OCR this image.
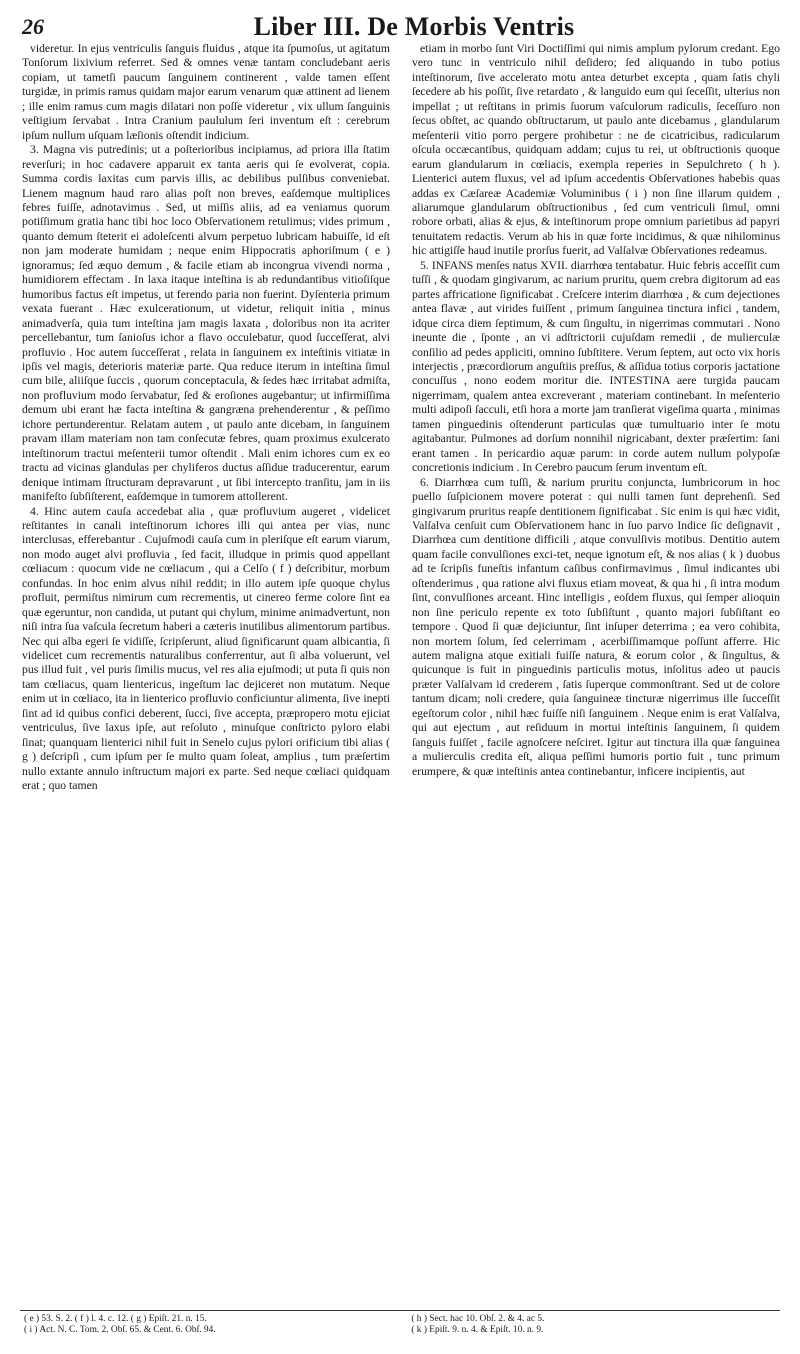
26	Liber III. De Morbis Ventris

videretur. In ejus ventriculis ſanguis fluidus , atque ita ſpumoſus, ut agitatum Tonſorum lixivium referret. Sed & omnes venæ tantam concludebant aeris copiam, ut tametſi paucum ſanguinem continerent , valde tamen eſſent turgidæ, in primis ramus quidam major earum venarum quæ attinent ad lienem ; ille enim ramus cum magis dilatari non poſſe videretur , vix ullum ſanguinis veſtigium ſervabat . Intra Cranium paululum ſeri inventum eſt : cerebrum ipſum nullum uſquam læſionis oſtendit indicium.

3. Magna vis putredinis; ut a poſterioribus incipiamus, ad priora illa ſtatim reverſuri; in hoc cadavere apparuit ex tanta aeris qui ſe evolverat, copia. Summa cordis laxitas cum parvis illis, ac debilibus pulſibus conveniebat. Lienem magnum haud raro alias poſt non breves, eaſdemque multiplices febres fuiſſe, adnotavimus . Sed, ut miſſis aliis, ad ea veniamus quorum potiſſimum gratia hanc tibi hoc loco Obſervationem retulimus; vides primum , quanto demum ſteterit ei adoleſcenti alvum perpetuo lubricam habuiſſe, id eſt non jam moderate humidam ; neque enim Hippocratis aphoriſmum ( e ) ignoramus; ſed æquo demum , & facile etiam ab incongrua vivendi norma , humidiorem effectam . In laxa itaque inteſtina is ab redundantibus vitioſiſque humoribus factus eſt impetus, ut ferendo paria non fuerint. Dyſenteria primum vexata fuerant . Hæc exulcerationum, ut videtur, reliquit initia , minus animadverſa, quia tum inteſtina jam magis laxata , doloribus non ita acriter percellebantur, tum ſanioſus ichor a flavo occulebatur, quod ſucceſſerat, alvi profluvio . Hoc autem ſucceſſerat , relata in ſanguinem ex inteſtinis vitiatæ in ipſis vel magis, deterioris materiæ parte. Qua reduce iterum in inteſtina ſimul cum bile, aliiſque ſuccis , quorum conceptacula, & ſedes hæc irritabat admiſta, non profluvium modo ſervabatur, ſed & eroſiones augebantur; ut infirmiſſima demum ubi erant hæ facta inteſtina & gangræna prehenderentur , & peſſimo ichore pertunderentur. Relatam autem , ut paulo ante dicebam, in ſanguinem pravam illam materiam non tam conſecutæ febres, quam proximus exulcerato inteſtinorum tractui meſenterii tumor oſtendit . Mali enim ichores cum ex eo tractu ad vicinas glandulas per chyliferos ductus aſſidue traducerentur, earum denique intimam ſtructuram depravarunt , ut ſibi intercepto tranſitu, jam in iis manifeſto ſubſiſterent, eaſdemque in tumorem attollerent.

4. Hinc autem cauſa accedebat alia , quæ profluvium augeret , videlicet reſtitantes in canali inteſtinorum ichores illi qui antea per vias, nunc interclusas, efferebantur . Cujuſmodi cauſa cum in pleriſque eſt earum viarum, non modo auget alvi profluvia , ſed facit, illudque in primis quod appellant cœliacum : quocum vide ne cœliacum , qui a Celſo ( f ) deſcribitur, morbum confundas. In hoc enim alvus nihil reddit; in illo autem ipſe quoque chylus profluit, permiſtus nimirum cum recrementis, ut cinereo ferme colore ſint ea quæ egeruntur, non candida, ut putant qui chylum, minime animadvertunt, non niſi intra ſua vaſcula ſecretum haberi a cæteris inutilibus alimentorum partibus. Nec qui alba egeri ſe vidiſſe, ſcripſerunt, aliud ſignificarunt quam albicantia, ſi videlicet cum recrementis naturalibus conferrentur, aut ſi alba voluerunt, vel pus illud fuit , vel puris ſimilis mucus, vel res alia ejuſmodi; ut puta ſi quis non tam cœliacus, quam lientericus, ingeſtum lac dejiceret non mutatum. Neque enim ut in cœliaco, ita in lienterico profluvio conficiuntur alimenta, ſive inepti ſint ad id quibus confici deberent, ſucci, ſive accepta, præpropero motu ejiciat ventriculus, ſive laxus ipſe, aut reſoluto , minuſque conſtricto pyloro elabi ſinat; quanquam lienterici nihil fuit in Senelo cujus pylori orificium tibi alias ( g ) deſcripſi , cum ipſum per ſe multo quam ſoleat, amplius , tum præſertim nullo extante annulo inſtructum majori ex parte. Sed neque cœliaci quidquam erat ; quo tamen

etiam in morbo ſunt Viri Doctiſſimi qui nimis amplum pylorum credant. Ego vero tunc in ventriculo nihil deſidero; ſed aliquando in tubo potius inteſtinorum, ſive accelerato motu antea deturbet excepta , quam ſatis chyli ſecedere ab his poſſit, ſive retardato , & languido eum qui ſeceſſit, ulterius non impellat ; ut reſtitans in primis ſuorum vaſculorum radiculis, ſeceſſuro non ſecus obſtet, ac quando obſtructarum, ut paulo ante dicebamus , glandularum meſenterii vitio porro pergere prohibetur : ne de cicatricibus, radicularum oſcula occæcantibus, quidquam addam; cujus tu rei, ut obſtructionis quoque earum glandularum in cœliacis, exempla reperies in Sepulchreto ( h ). Lienterici autem fluxus, vel ad ipſum accedentis Obſervationes habebis quas addas ex Cæſareæ Academiæ Voluminibus ( i ) non ſine illarum quidem , aliarumque glandularum obſtructionibus , ſed cum ventriculi ſimul, omni robore orbati, alias & ejus, & inteſtinorum prope omnium parietibus ad papyri tenuitatem redactis. Verum ab his in quæ forte incidimus, & quæ nihilominus hic attigiſſe haud inutile prorſus fuerit, ad Valſalvæ Obſervationes redeamus.

5. INFANS menſes natus XVII. diarrhœa tentabatur. Huic febris acceſſit cum tuſſi , & quodam gingivarum, ac narium pruritu, quem crebra digitorum ad eas partes affricatione ſignificabat . Creſcere interim diarrhœa , & cum dejectiones antea flavæ , aut virides fuiſſent , primum ſanguinea tinctura infici , tandem, idque circa diem ſeptimum, & cum ſingultu, in nigerrimas commutari . Nono ineunte die , ſponte , an vi adſtrictorii cujuſdam remedii , de mulierculæ conſilio ad pedes appliciti, omnino ſubſtitere. Verum ſeptem, aut octo vix horis interjectis , præcordiorum anguſtiis preſſus, & aſſidua totius corporis jactatione concuſſus , nono eodem moritur die. INTESTINA aere turgida paucam nigerrimam, qualem antea excreverant , materiam continebant. In meſenterio multi adipoſi ſacculi, etſi hora a morte jam tranſierat vigeſima quarta , minimas tamen pinguedinis oſtenderunt particulas quæ tumultuario inter ſe motu agitabantur. Pulmones ad dorſum nonnihil nigricabant, dexter præſertim: ſani erant tamen . In pericardio aquæ parum: in corde autem nullum polypoſæ concretionis indicium . In Cerebro paucum ſerum inventum eſt.

6. Diarrhœa cum tuſſi, & narium pruritu conjuncta, lumbricorum in hoc puello ſuſpicionem movere poterat : qui nulli tamen ſunt deprehenſi. Sed gingivarum pruritus reapſe dentitionem ſignificabat . Sic enim is qui hæc vidit, Valſalva cenſuit cum Obſervationem hanc in ſuo parvo Indice ſic deſignavit , Diarrhœa cum dentitione difficili , atque convulſivis motibus. Dentitio autem quam facile convulſiones exci-tet, neque ignotum eſt, & nos alias ( k ) duobus ad te ſcripſis funeſtis infantum caſibus confirmavimus , ſimul indicantes ubi oſtenderimus , qua ratione alvi fluxus etiam moveat, & qua hi , ſi intra modum ſint, convulſiones arceant. Hinc intelligis , eoſdem fluxus, qui ſemper alioquin non ſine periculo repente ex toto ſubſiſtunt , quanto majori ſubſiſtant eo tempore . Quod ſi quæ dejiciuntur, ſint inſuper deterrima ; ea vero cohibita, non mortem ſolum, ſed celerrimam , acerbiſſimamque poſſunt afferre. Hic autem maligna atque exitiali fuiſſe natura, & eorum color , & ſingultus, & quicunque is fuit in pinguedinis particulis motus, inſolitus adeo ut paucis præter Valſalvam id crederem , ſatis ſuperque commonſtrant. Sed ut de colore tantum dicam; noli credere, quia ſanguineæ tincturæ nigerrimus ille ſucceſſit egeſtorum color , nihil hæc fuiſſe niſi ſanguinem . Neque enim is erat Valſalva, qui aut ejectum , aut reſiduum in mortui inteſtinis ſanguinem, ſi quidem ſanguis fuiſſet , facile agnoſcere neſciret. Igitur aut tinctura illa quæ ſanguinea a mulierculis credita eſt, aliqua peſſimi humoris portio fuit , tunc primum erumpere, & quæ inteſtinis antea continebantur, inficere incipientis, aut

( e ) 53. S. 2. ( f ) l. 4. c. 12. ( g ) Epiſt. 21. n. 15.	( h ) Sect. hac 10. Obſ. 2. & 4. ac 5.
( i ) Act. N. C. Tom. 2. Obſ. 65. & Cent. 6. Obſ. 94.	( k ) Epiſt. 9. n. 4. & Epiſt. 10. n. 9.
